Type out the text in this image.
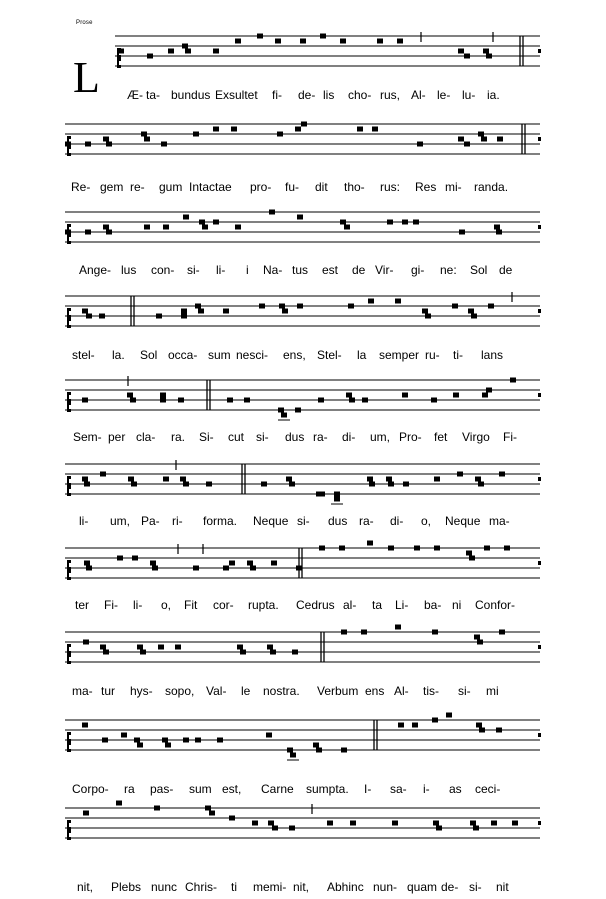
Prose
L Æ- ta- bundus Exsultet fi- de- lis cho- rus, Al- le- lu- ia.
Re- gem re- gum Intactae pro- fu- dit tho- rus: Res mi- randa.
Ange- lus con- si- li- i Na- tus est de Vir- gi- ne: Sol de
stel- la. Sol occa- sum nesci- ens, Stel- la semper ru- ti- lans
Sem- per cla- ra. Si- cut si- dus ra- di- um, Pro- fet Virgo Fi-
li- um, Pa- ri- forma. Neque si- dus ra- di- o, Neque ma-
ter Fi- li- o, Fit cor- rupta. Cedrus al- ta Li- ba- ni Confor-
ma- tur hys- sopo, Val- le nostra. Verbum ens Al- tis- si- mi
Corpo- ra pas- sum est, Carne sumpta. I- sa- i- as ceci-
nit, Plebs nunc Chris- ti memi- nit, Abhinc nun- quam de- si- nit
